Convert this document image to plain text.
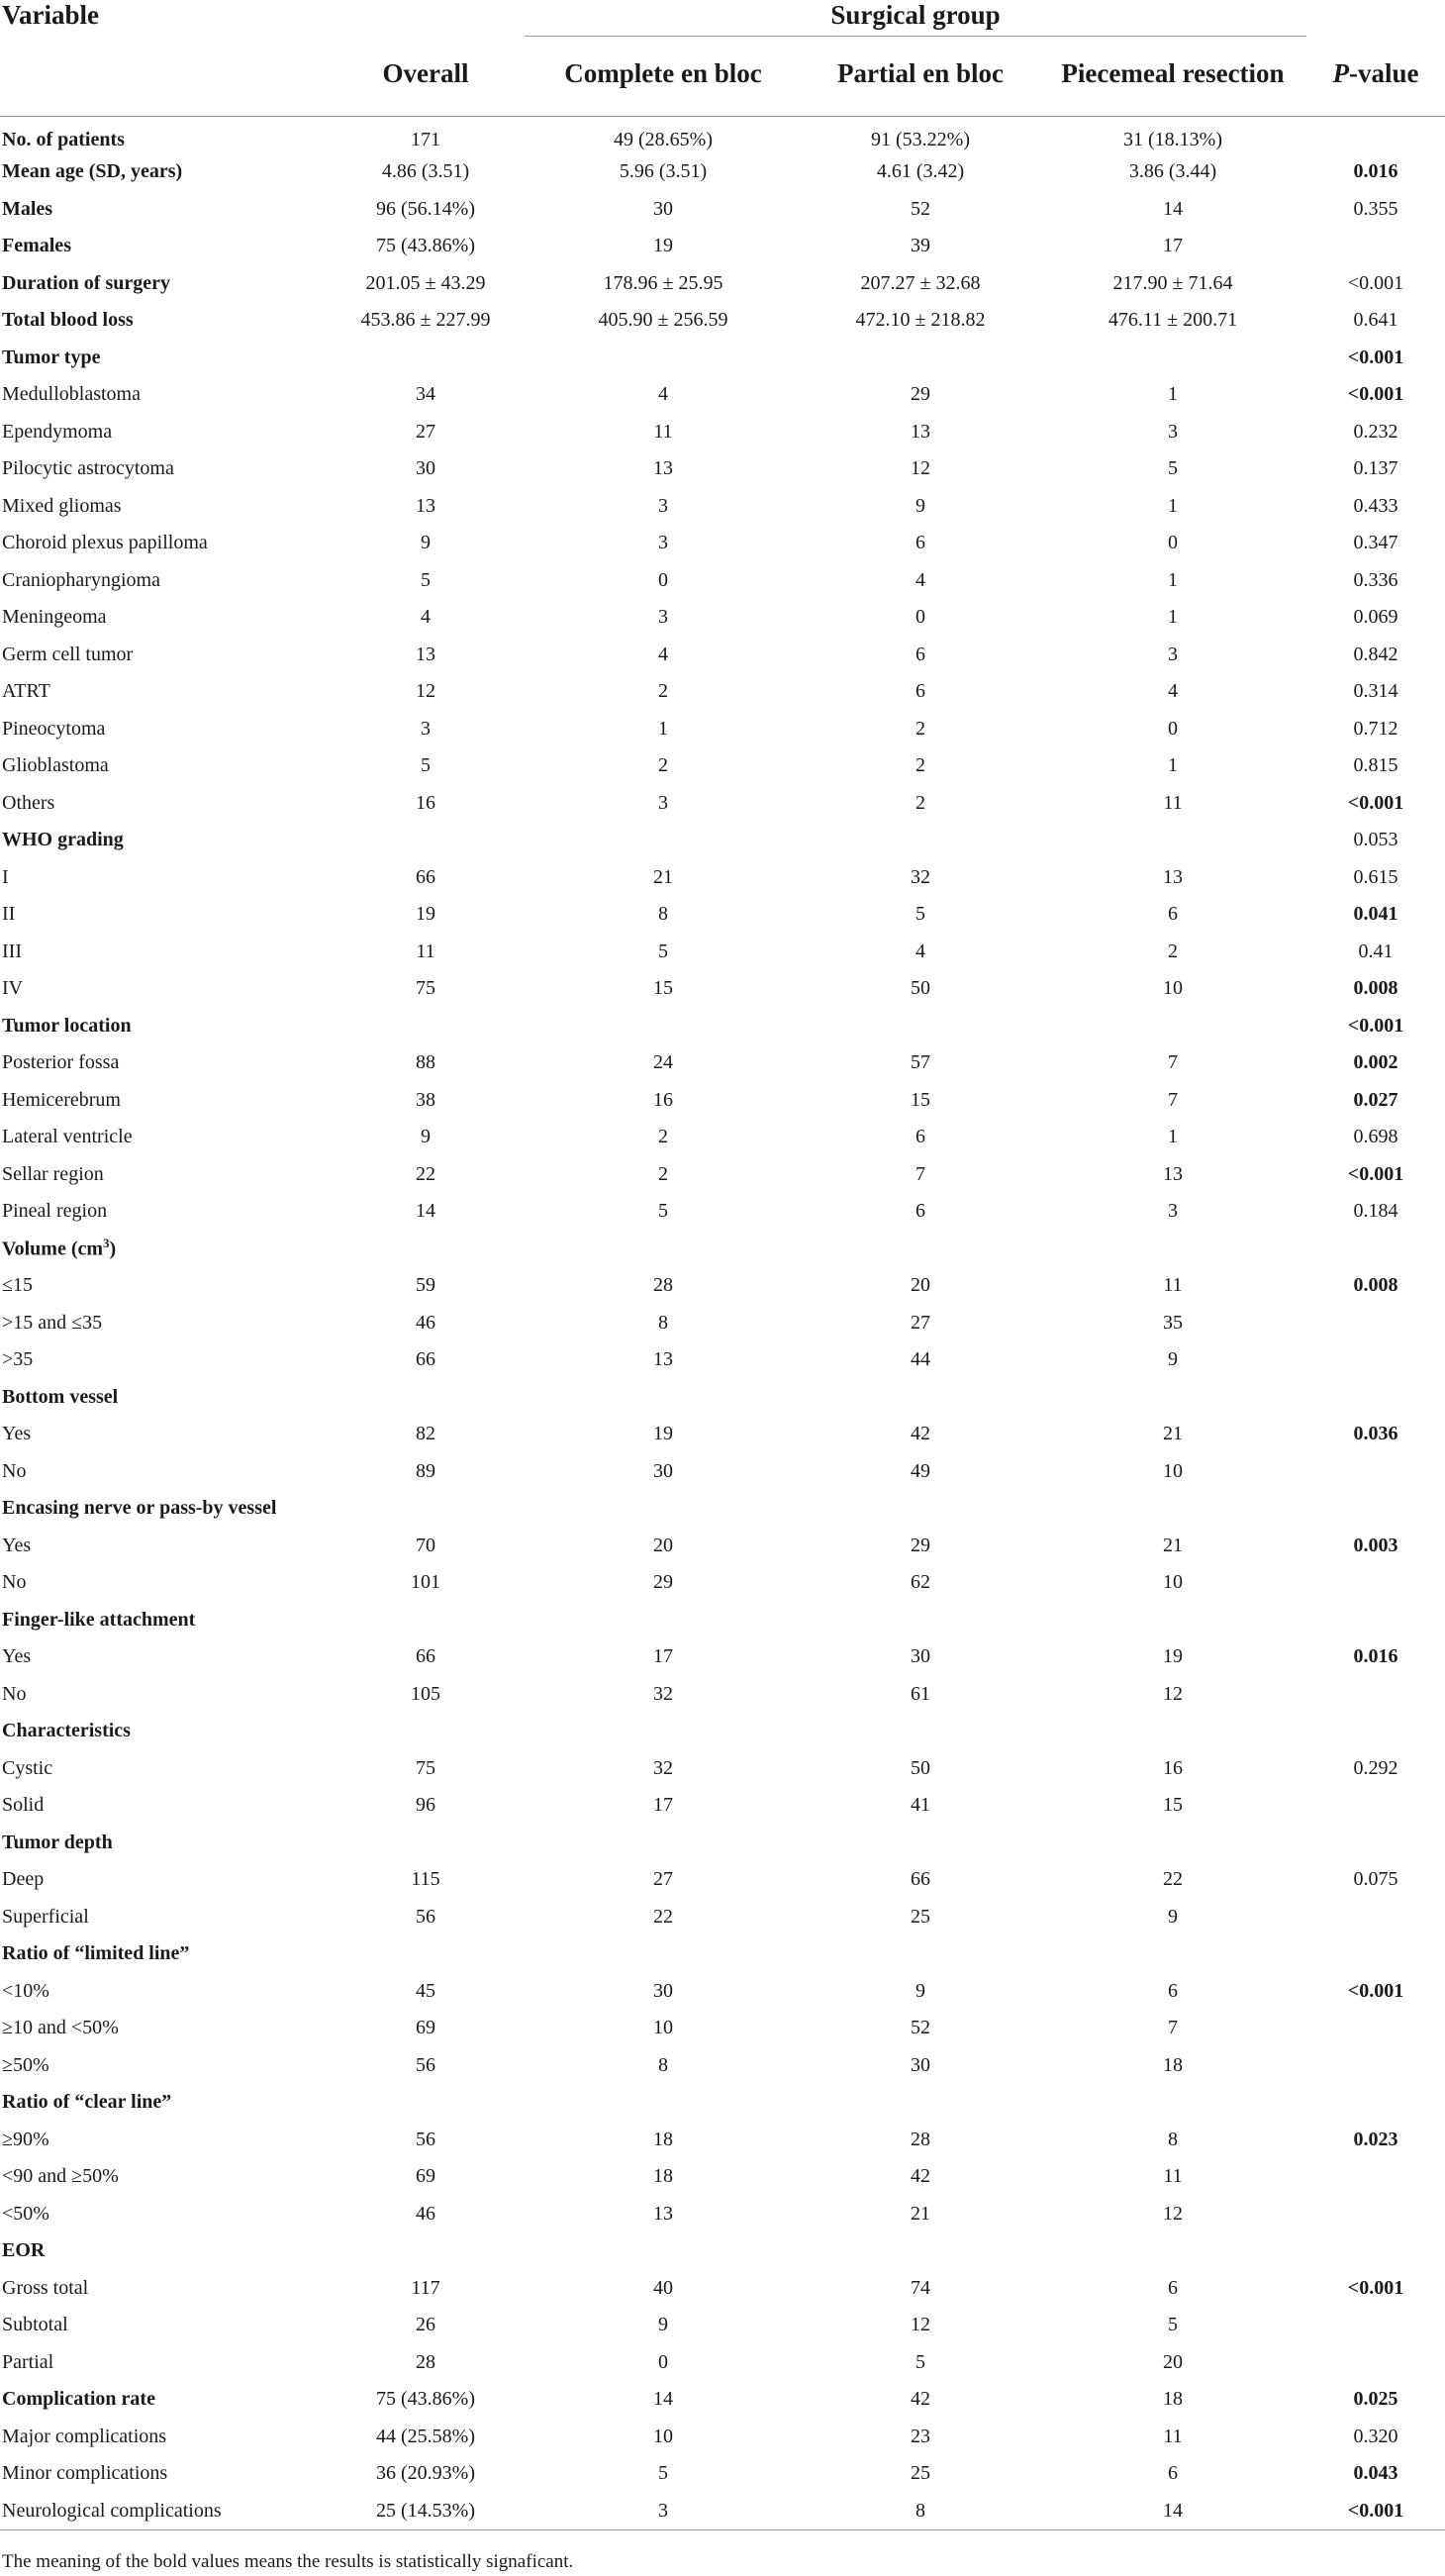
Variable		Surgical group		

	Overall	Complete en bloc	Partial en bloc	Piecemeal resection	P-value
No. of patients	171	49 (28.65%)	91 (53.22%)	31 (18.13%)	
Mean age (SD, years)	4.86 (3.51)	5.96 (3.51)	4.61 (3.42)	3.86 (3.44)	0.016
Males	96 (56.14%)	30	52	14	0.355
Females	75 (43.86%)	19	39	17	
Duration of surgery	201.05 ± 43.29	178.96 ± 25.95	207.27 ± 32.68	217.90 ± 71.64	<0.001
Total blood loss	453.86 ± 227.99	405.90 ± 256.59	472.10 ± 218.82	476.11 ± 200.71	0.641
Tumor type					<0.001
Medulloblastoma	34	4	29	1	<0.001
Ependymoma	27	11	13	3	0.232
Pilocytic astrocytoma	30	13	12	5	0.137
Mixed gliomas	13	3	9	1	0.433
Choroid plexus papilloma	9	3	6	0	0.347
Craniopharyngioma	5	0	4	1	0.336
Meningeoma	4	3	0	1	0.069
Germ cell tumor	13	4	6	3	0.842
ATRT	12	2	6	4	0.314
Pineocytoma	3	1	2	0	0.712
Glioblastoma	5	2	2	1	0.815
Others	16	3	2	11	<0.001
WHO grading					0.053
I	66	21	32	13	0.615
II	19	8	5	6	0.041
III	11	5	4	2	0.41
IV	75	15	50	10	0.008
Tumor location					<0.001
Posterior fossa	88	24	57	7	0.002
Hemicerebrum	38	16	15	7	0.027
Lateral ventricle	9	2	6	1	0.698
Sellar region	22	2	7	13	<0.001
Pineal region	14	5	6	3	0.184
Volume $(cm^3)$					
≤15	59	28	20	11	0.008
>15 and ≤35	46	8	27	35	
>35	66	13	44	9	
Bottom vessel					
Yes	82	19	42	21	0.036
No	89	30	49	10	
Encasing nerve or pass-by vessel					
Yes	70	20	29	21	0.003
No	101	29	62	10	
Finger-like attachment					
Yes	66	17	30	19	0.016
No	105	32	61	12	
Characteristics					
Cystic	75	32	50	16	0.292
Solid	96	17	41	15	
Tumor depth					
Deep	115	27	66	22	0.075
Superficial	56	22	25	9	
Ratio of “limited line”					
<10%	45	30	9	6	<0.001
≥10 and <50%	69	10	52	7	
≥50%	56	8	30	18	
Ratio of “clear line”					
≥90%	56	18	28	8	0.023
<90 and ≥50%	69	18	42	11	
<50%	46	13	21	12	
EOR					
Gross total	117	40	74	6	<0.001
Subtotal	26	9	12	5	
Partial	28	0	5	20	
Complication rate	75 (43.86%)	14	42	18	0.025
Major complications	44 (25.58%)	10	23	11	0.320
Minor complications	36 (20.93%)	5	25	6	0.043
Neurological complications	25 (14.53%)	3	8	14	<0.001
The meaning of the bold values means the results is statistically signaficant.
